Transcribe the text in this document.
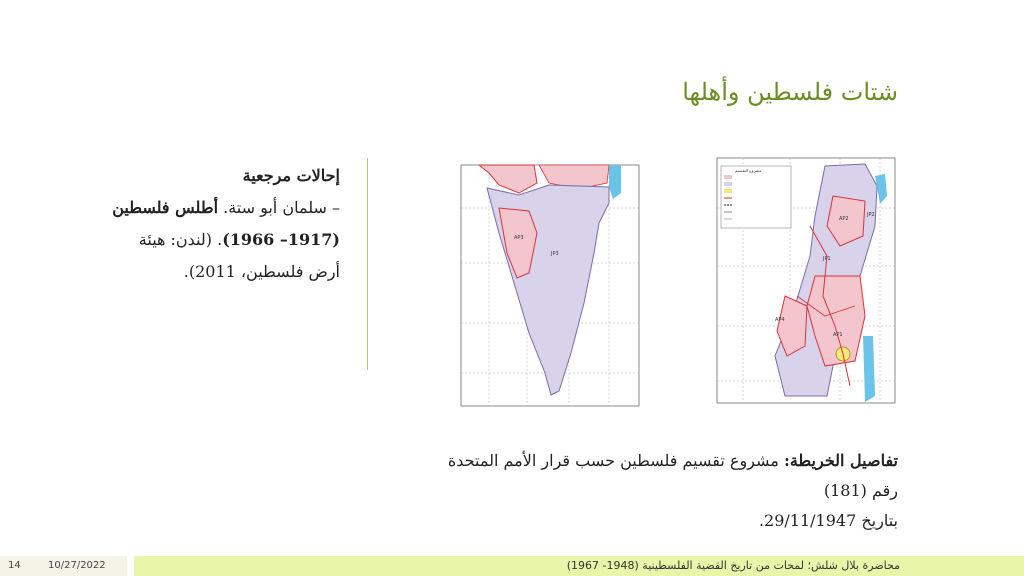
شتات فلسطين وأهلها
إحالات مرجعية
– سلمان أبو ستة. أطلس فلسطين
(1917– 1966). (لندن: هيئة
أرض فلسطين، 2011).
AP3
JP3
مشروع التقسيم
JP1
JP2
AP2
AP1
AP4
تفاصيل الخريطة: مشروع تقسيم فلسطين حسب قرار الأمم المتحدة رقم (181)
بتاريخ 29/11/1947.
14	10/27/2022	محاضرة بلال شلش؛ لمحات من تاريخ القضية الفلسطينية (1948- 1967)
